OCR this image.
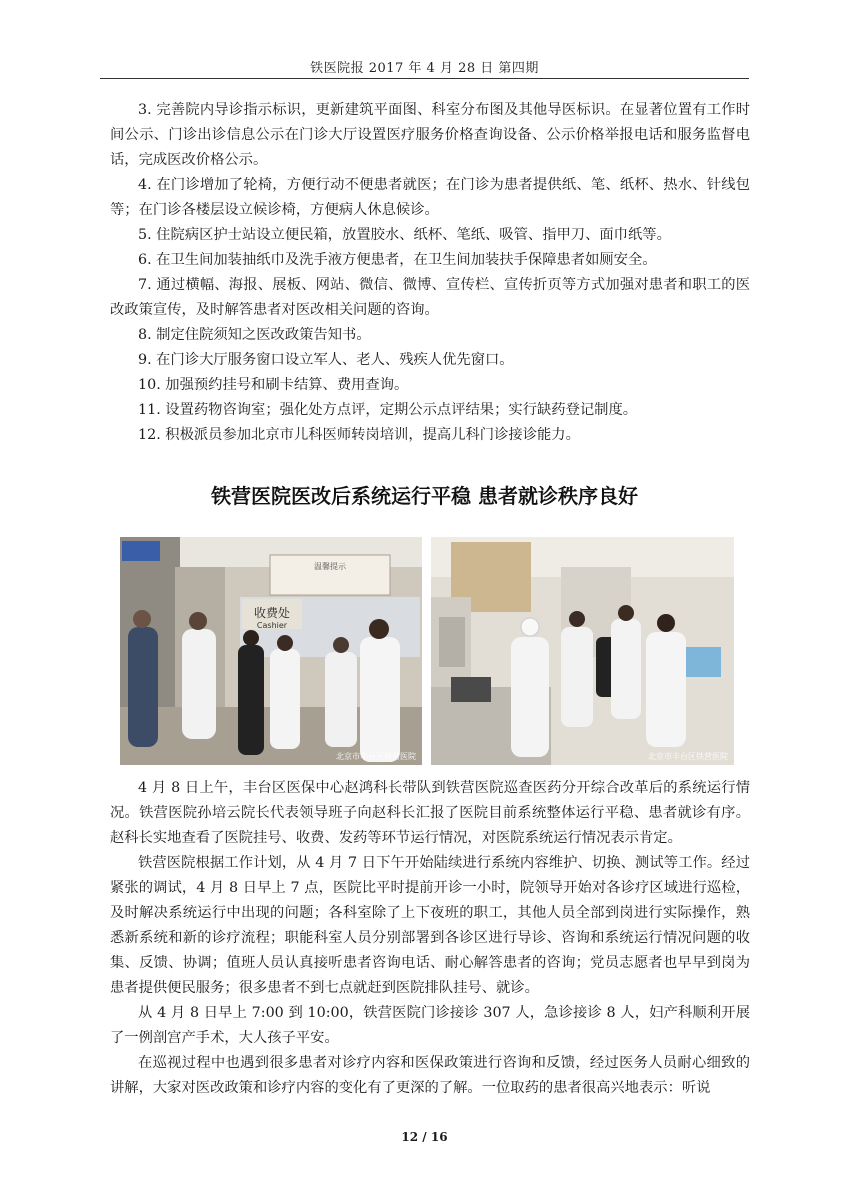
铁医院报 2017 年 4 月 28 日 第四期

3. 完善院内导诊指示标识，更新建筑平面图、科室分布图及其他导医标识。在显著位置有工作时间公示、门诊出诊信息公示在门诊大厅设置医疗服务价格查询设备、公示价格举报电话和服务监督电话，完成医改价格公示。

4. 在门诊增加了轮椅，方便行动不便患者就医；在门诊为患者提供纸、笔、纸杯、热水、针线包等；在门诊各楼层设立候诊椅，方便病人休息候诊。

5. 住院病区护士站设立便民箱，放置胶水、纸杯、笔纸、吸管、指甲刀、面巾纸等。

6. 在卫生间加装抽纸巾及洗手液方便患者，在卫生间加装扶手保障患者如厕安全。

7. 通过横幅、海报、展板、网站、微信、微博、宣传栏、宣传折页等方式加强对患者和职工的医改政策宣传，及时解答患者对医改相关问题的咨询。

8. 制定住院须知之医改政策告知书。

9. 在门诊大厅服务窗口设立军人、老人、残疾人优先窗口。

10. 加强预约挂号和刷卡结算、费用查询。

11. 设置药物咨询室；强化处方点评，定期公示点评结果；实行缺药登记制度。

12. 积极派员参加北京市儿科医师转岗培训，提高儿科门诊接诊能力。

铁营医院医改后系统运行平稳 患者就诊秩序良好
温馨提示
收费处
Cashier
北京市丰台区铁营医院	北京市丰台区铁营医院

4 月 8 日上午，丰台区医保中心赵鸿科长带队到铁营医院巡查医药分开综合改革后的系统运行情况。铁营医院孙培云院长代表领导班子向赵科长汇报了医院目前系统整体运行平稳、患者就诊有序。赵科长实地查看了医院挂号、收费、发药等环节运行情况，对医院系统运行情况表示肯定。

铁营医院根据工作计划，从 4 月 7 日下午开始陆续进行系统内容维护、切换、测试等工作。经过紧张的调试，4 月 8 日早上 7 点，医院比平时提前开诊一小时，院领导开始对各诊疗区域进行巡检，及时解决系统运行中出现的问题；各科室除了上下夜班的职工，其他人员全部到岗进行实际操作，熟悉新系统和新的诊疗流程；职能科室人员分别部署到各诊区进行导诊、咨询和系统运行情况问题的收集、反馈、协调；值班人员认真接听患者咨询电话、耐心解答患者的咨询；党员志愿者也早早到岗为患者提供便民服务；很多患者不到七点就赶到医院排队挂号、就诊。

从 4 月 8 日早上 7:00 到 10:00，铁营医院门诊接诊 307 人，急诊接诊 8 人，妇产科顺利开展了一例剖宫产手术，大人孩子平安。

在巡视过程中也遇到很多患者对诊疗内容和医保政策进行咨询和反馈，经过医务人员耐心细致的讲解，大家对医改政策和诊疗内容的变化有了更深的了解。一位取药的患者很高兴地表示：听说

12 / 16
